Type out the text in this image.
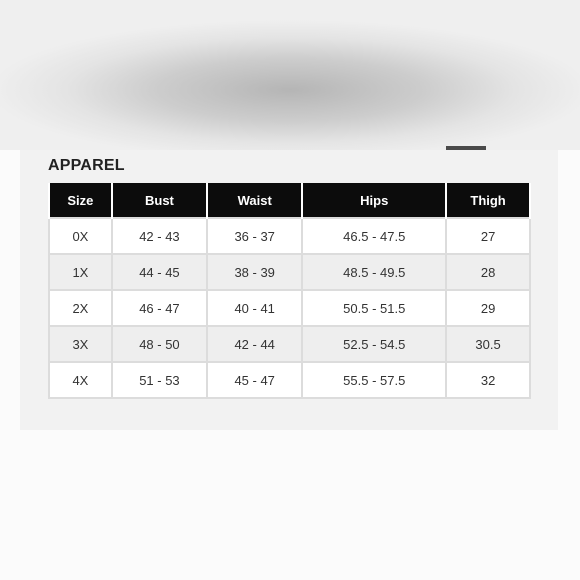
APPAREL
Size	Bust	Waist	Hips	Thigh
0X	42 - 43	36 - 37	46.5 - 47.5	27
1X	44 - 45	38 - 39	48.5 - 49.5	28
2X	46 - 47	40 - 41	50.5 - 51.5	29
3X	48 - 50	42 - 44	52.5 - 54.5	30.5
4X	51 - 53	45 - 47	55.5 - 57.5	32
